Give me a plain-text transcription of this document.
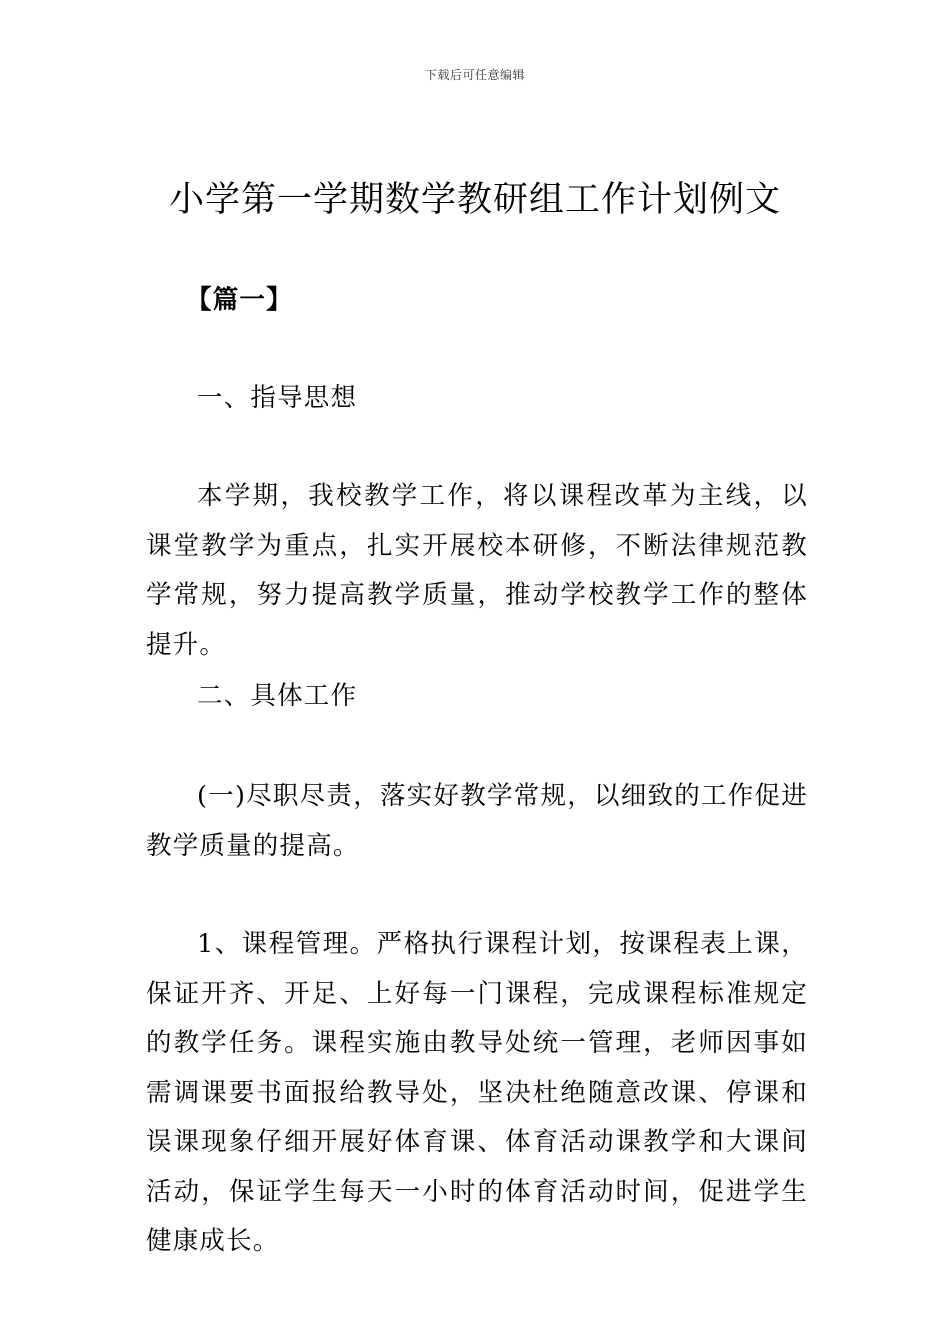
下载后可任意编辑
小学第一学期数学教研组工作计划例文

【篇一】

一、指导思想

本学期，我校教学工作，将以课程改革为主线，以课堂教学为重点，扎实开展校本研修，不断法律规范教学常规，努力提高教学质量，推动学校教学工作的整体提升。

二、具体工作

(一)尽职尽责，落实好教学常规，以细致的工作促进教学质量的提高。

1、课程管理。严格执行课程计划，按课程表上课，保证开齐、开足、上好每一门课程，完成课程标准规定的教学任务。课程实施由教导处统一管理，老师因事如需调课要书面报给教导处，坚决杜绝随意改课、停课和误课现象仔细开展好体育课、体育活动课教学和大课间活动，保证学生每天一小时的体育活动时间，促进学生健康成长。
